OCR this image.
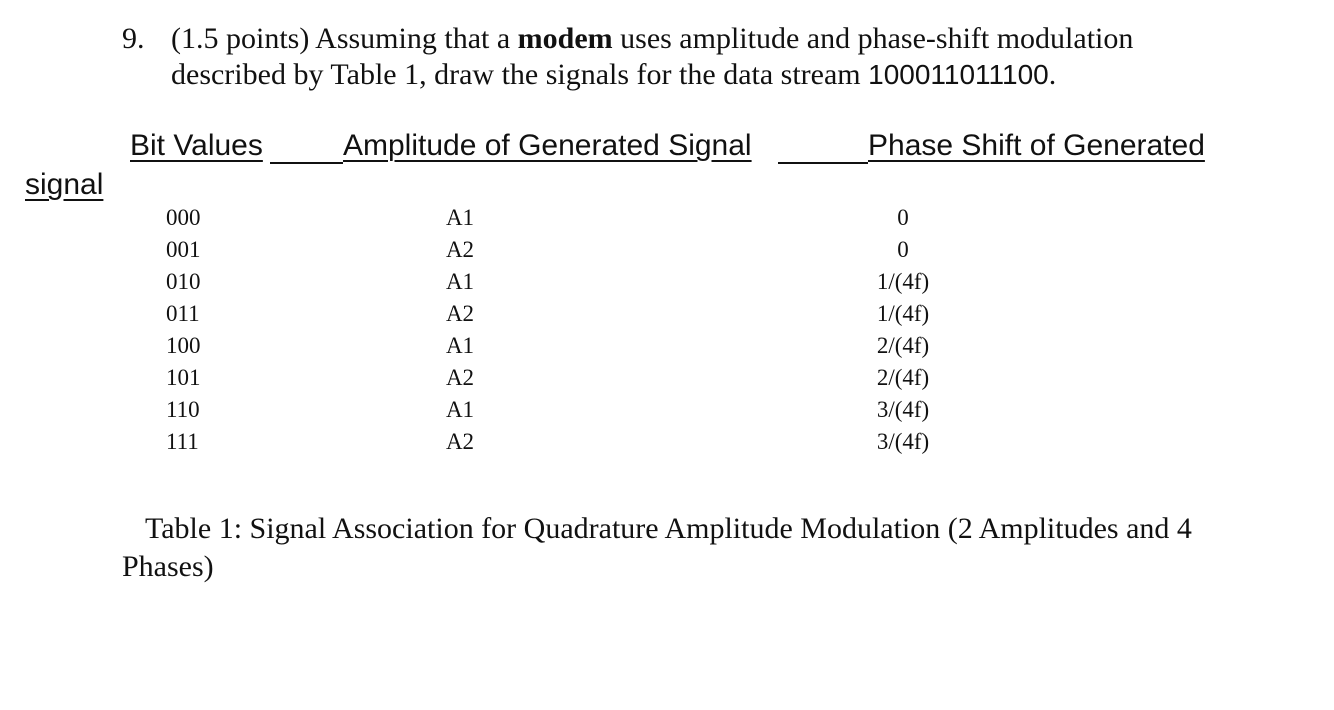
9. (1.5 points) Assuming that a modem uses amplitude and phase-shift modulation
described by Table 1, draw the signals for the data stream 100011011100.
Bit Values	Amplitude of Generated Signal	Phase Shift of Generated
signal
000	A1	0
001	A2	0
010	A1	1/(4f)
011	A2	1/(4f)
100	A1	2/(4f)
101	A2	2/(4f)
110	A1	3/(4f)
111	A2	3/(4f)
Table 1: Signal Association for Quadrature Amplitude Modulation (2 Amplitudes and 4 Phases)
